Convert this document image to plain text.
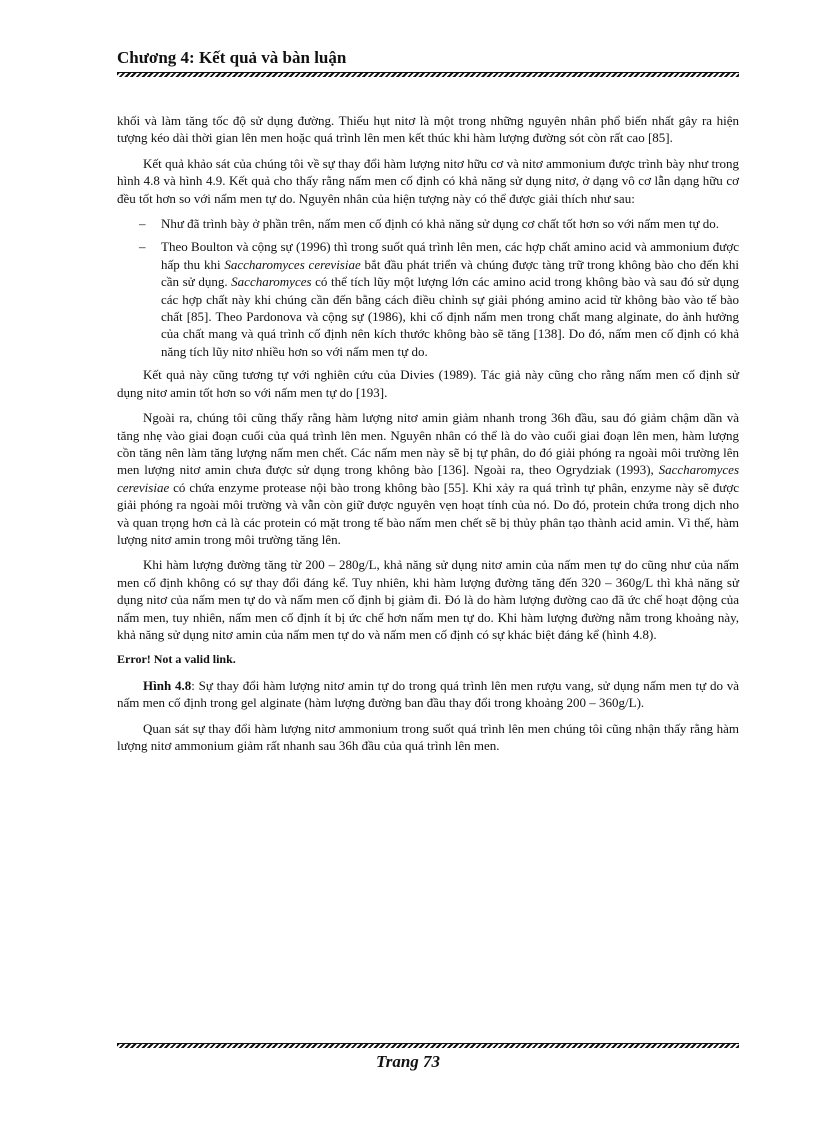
Chương 4: Kết quả và bàn luận

khối và làm tăng tốc độ sử dụng đường. Thiếu hụt nitơ là một trong những nguyên nhân phổ biến nhất gây ra hiện tượng kéo dài thời gian lên men hoặc quá trình lên men kết thúc khi hàm lượng đường sót còn rất cao [85].

Kết quả khảo sát của chúng tôi về sự thay đổi hàm lượng nitơ hữu cơ và nitơ ammonium được trình bày như trong hình 4.8 và hình 4.9. Kết quả cho thấy rằng nấm men cố định có khả năng sử dụng nitơ, ở dạng vô cơ lẫn dạng hữu cơ đều tốt hơn so với nấm men tự do. Nguyên nhân của hiện tượng này có thể được giải thích như sau:

– Như đã trình bày ở phần trên, nấm men cố định có khả năng sử dụng cơ chất tốt hơn so với nấm men tự do.
– Theo Boulton và cộng sự (1996) thì trong suốt quá trình lên men, các hợp chất amino acid và ammonium được hấp thu khi Saccharomyces cerevisiae bắt đầu phát triển và chúng được tàng trữ trong không bào cho đến khi cần sử dụng. Saccharomyces có thể tích lũy một lượng lớn các amino acid trong không bào và sau đó sử dụng các hợp chất này khi chúng cần đến bằng cách điều chỉnh sự giải phóng amino acid từ không bào vào tế bào chất [85]. Theo Pardonova và cộng sự (1986), khi cố định nấm men trong chất mang alginate, do ảnh hưởng của chất mang và quá trình cố định nên kích thước không bào sẽ tăng [138]. Do đó, nấm men cố định có khả năng tích lũy nitơ nhiều hơn so với nấm men tự do.

Kết quả này cũng tương tự với nghiên cứu của Divies (1989). Tác giả này cũng cho rằng nấm men cố định sử dụng nitơ amin tốt hơn so với nấm men tự do [193].

Ngoài ra, chúng tôi cũng thấy rằng hàm lượng nitơ amin giảm nhanh trong 36h đầu, sau đó giảm chậm dần và tăng nhẹ vào giai đoạn cuối của quá trình lên men. Nguyên nhân có thể là do vào cuối giai đoạn lên men, hàm lượng cồn tăng nên làm tăng lượng nấm men chết. Các nấm men này sẽ bị tự phân, do đó giải phóng ra ngoài môi trường lên men lượng nitơ amin chưa được sử dụng trong không bào [136]. Ngoài ra, theo Ogrydziak (1993), Saccharomyces cerevisiae có chứa enzyme protease nội bào trong không bào [55]. Khi xảy ra quá trình tự phân, enzyme này sẽ được giải phóng ra ngoài môi trường và vẫn còn giữ được nguyên vẹn hoạt tính của nó. Do đó, protein chứa trong dịch nho và quan trọng hơn cả là các protein có mặt trong tế bào nấm men chết sẽ bị thủy phân tạo thành acid amin. Vì thế, hàm lượng nitơ amin trong môi trường tăng lên.

Khi hàm lượng đường tăng từ 200 – 280g/L, khả năng sử dụng nitơ amin của nấm men tự do cũng như của nấm men cố định không có sự thay đổi đáng kể. Tuy nhiên, khi hàm lượng đường tăng đến 320 – 360g/L thì khả năng sử dụng nitơ của nấm men tự do và nấm men cố định bị giảm đi. Đó là do hàm lượng đường cao đã ức chế hoạt động của nấm men, tuy nhiên, nấm men cố định ít bị ức chế hơn nấm men tự do. Khi hàm lượng đường nằm trong khoảng này, khả năng sử dụng nitơ amin của nấm men tự do và nấm men cố định có sự khác biệt đáng kể (hình 4.8).

Error! Not a valid link.

Hình 4.8: Sự thay đổi hàm lượng nitơ amin tự do trong quá trình lên men rượu vang, sử dụng nấm men tự do và nấm men cố định trong gel alginate (hàm lượng đường ban đầu thay đổi trong khoảng 200 – 360g/L).

Quan sát sự thay đổi hàm lượng nitơ ammonium trong suốt quá trình lên men chúng tôi cũng nhận thấy rằng hàm lượng nitơ ammonium giảm rất nhanh sau 36h đầu của quá trình lên men.

Trang 73
